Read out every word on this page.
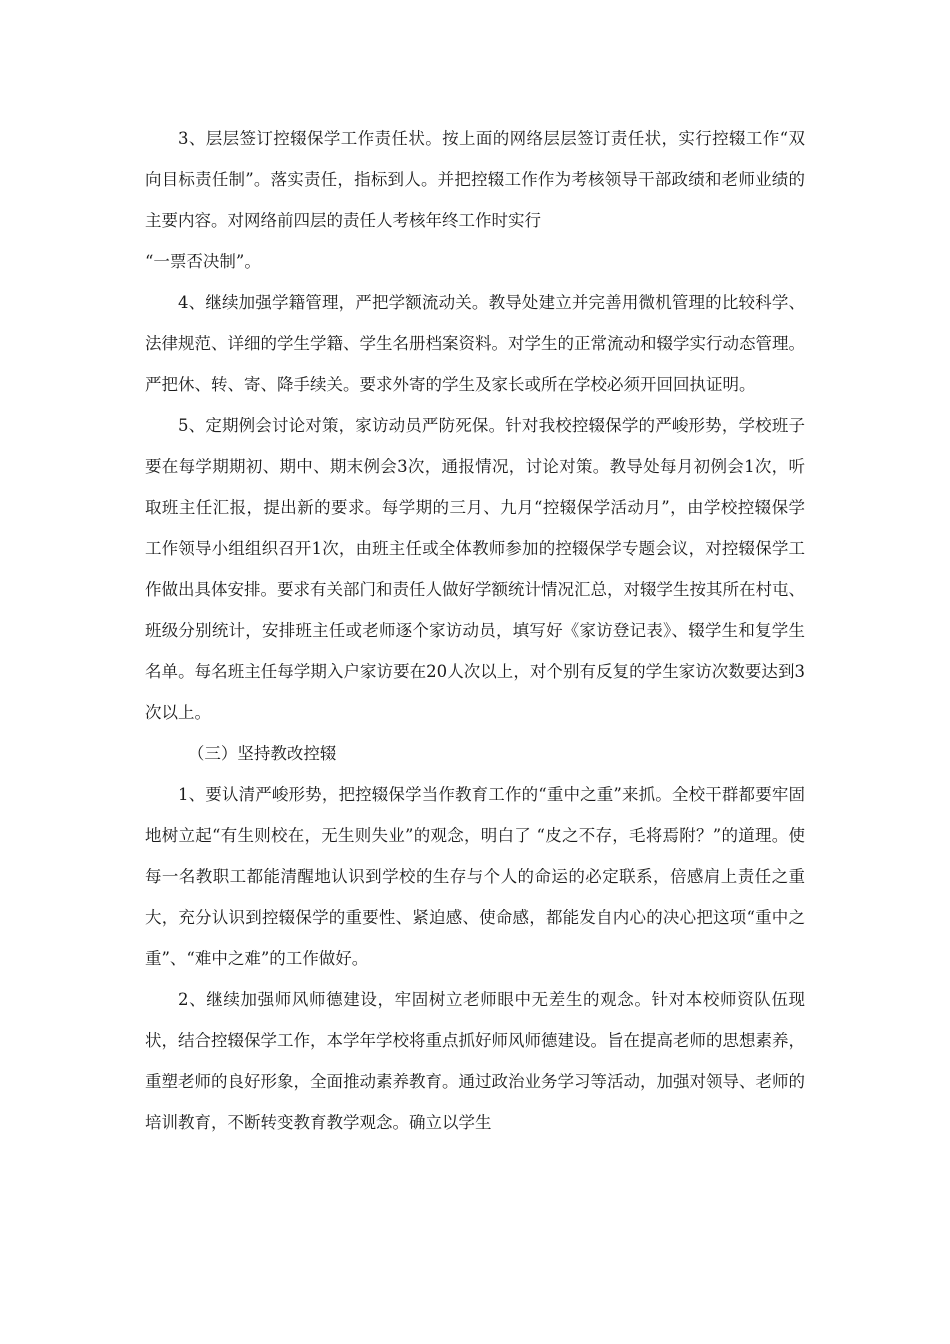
3、层层签订控辍保学工作责任状。按上面的网络层层签订责任状，实行控辍工作“双向目标责任制”。落实责任，指标到人。并把控辍工作作为考核领导干部政绩和老师业绩的主要内容。对网络前四层的责任人考核年终工作时实行

“一票否决制”。

4、继续加强学籍管理，严把学额流动关。教导处建立并完善用微机管理的比较科学、法律规范、详细的学生学籍、学生名册档案资料。对学生的正常流动和辍学实行动态管理。严把休、转、寄、降手续关。要求外寄的学生及家长或所在学校必须开回回执证明。

5、定期例会讨论对策，家访动员严防死保。针对我校控辍保学的严峻形势，学校班子要在每学期期初、期中、期末例会3次，通报情况，讨论对策。教导处每月初例会1次，听取班主任汇报，提出新的要求。每学期的三月、九月“控辍保学活动月”，由学校控辍保学工作领导小组组织召开1次，由班主任或全体教师参加的控辍保学专题会议，对控辍保学工作做出具体安排。要求有关部门和责任人做好学额统计情况汇总，对辍学生按其所在村屯、班级分别统计，安排班主任或老师逐个家访动员，填写好《家访登记表》、辍学生和复学生名单。每名班主任每学期入户家访要在20人次以上，对个别有反复的学生家访次数要达到3次以上。

（三）坚持教改控辍

1、要认清严峻形势，把控辍保学当作教育工作的“重中之重”来抓。全校干群都要牢固地树立起“有生则校在，无生则失业”的观念，明白了 “皮之不存，毛将焉附？”的道理。使每一名教职工都能清醒地认识到学校的生存与个人的命运的必定联系，倍感肩上责任之重大，充分认识到控辍保学的重要性、紧迫感、使命感，都能发自内心的决心把这项“重中之重”、“难中之难”的工作做好。

2、继续加强师风师德建设，牢固树立老师眼中无差生的观念。针对本校师资队伍现状，结合控辍保学工作，本学年学校将重点抓好师风师德建设。旨在提高老师的思想素养，重塑老师的良好形象，全面推动素养教育。通过政治业务学习等活动，加强对领导、老师的培训教育，不断转变教育教学观念。确立以学生
